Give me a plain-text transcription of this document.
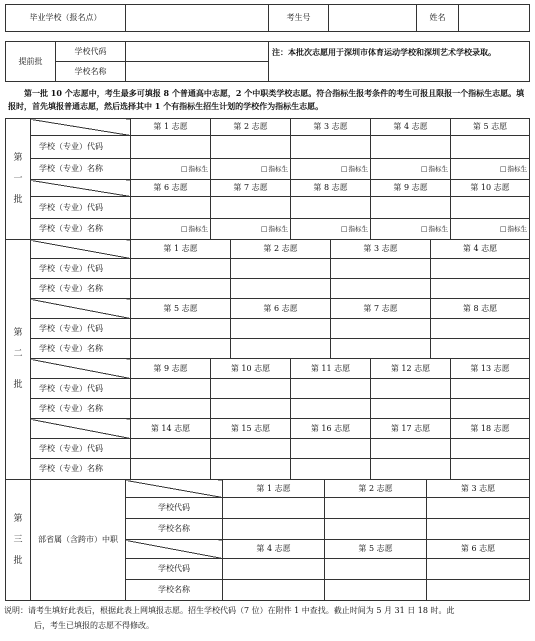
毕业学校（报名点）		考生号		姓名	
提前批	学校代码		注：本批次志愿用于深圳市体育运动学校和深圳艺术学校录取。
	学校名称		
第一批 10 个志愿中，考生最多可填报 8 个普通高中志愿，2 个中职类学校志愿。符合指标生报考条件的考生可报且限报一个指标生志愿。填报时，首先填报普通志愿，然后选择其中 1 个有指标生招生计划的学校作为指标生志愿。
第

一

批		第 1 志愿	第 2 志愿	第 3 志愿	第 4 志愿	第 5 志愿
	学校（专业）代码					
	学校（专业）名称	□指标生	□指标生	□指标生	□指标生	□指标生
		第 6 志愿	第 7 志愿	第 8 志愿	第 9 志愿	第 10 志愿
	学校（专业）代码					
	学校（专业）名称	□指标生	□指标生	□指标生	□指标生	□指标生
第

二

批		第 1 志愿		第 2 志愿		第 3 志愿		第 4 志愿	
	学校（专业）代码								
	学校（专业）名称								
		第 5 志愿		第 6 志愿		第 7 志愿		第 8 志愿	
	学校（专业）代码								
	学校（专业）名称								
		第 9 志愿	第 10 志愿		第 11 志愿		第 12 志愿		第 13 志愿
	学校（专业）代码								
	学校（专业）名称								
		第 14 志愿	第 15 志愿		第 16 志愿		第 17 志愿		第 18 志愿
	学校（专业）代码								
	学校（专业）名称								
第

三

批	部省属（含跨市）中职		第 1 志愿	第 2 志愿	第 3 志愿
		学校代码			
		学校名称			
			第 4 志愿	第 5 志愿	第 6 志愿
		学校代码			
		学校名称			
说明：请考生填好此表后，根据此表上网填报志愿。招生学校代码（7 位）在附件 1 中查找。截止时间为 5 月 31 日 18 时。此
后，考生已填报的志愿不得修改。
